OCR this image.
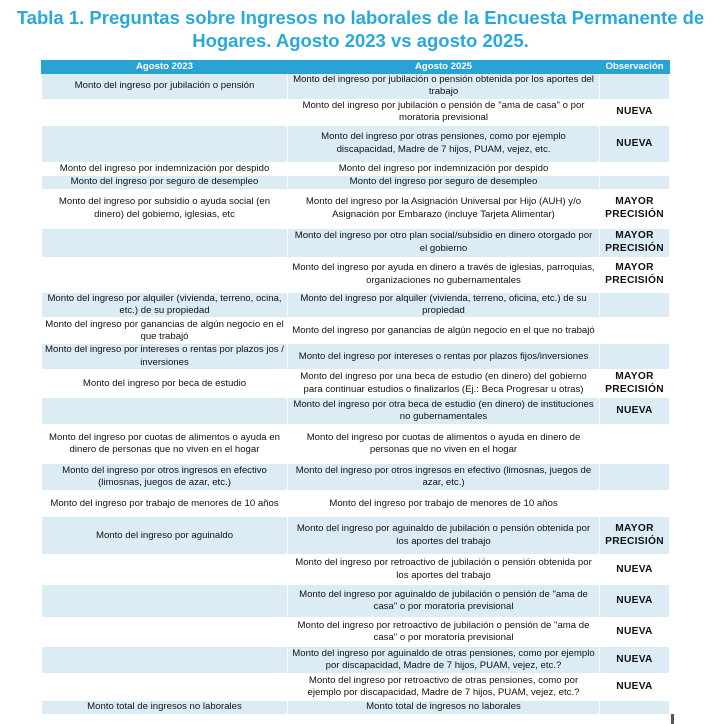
Tabla 1. Preguntas sobre Ingresos no laborales de la Encuesta Permanente de
Hogares. Agosto 2023 vs agosto 2025.
Agosto 2023	Agosto 2025	Observación
Monto del ingreso por jubilación o pensión	Monto del ingreso por jubilación o pensión obtenida por los aportes del trabajo	
	Monto del ingreso por jubilación o pensión de "ama de casa" o por moratoria previsional	NUEVA
	Monto del ingreso por otras pensiones, como por ejemplo discapacidad, Madre de 7 hijos, PUAM, vejez, etc.	NUEVA
Monto del ingreso por indemnización por despido	Monto del ingreso por indemnización por despido	
Monto del ingreso por seguro de desempleo	Monto del ingreso por seguro de desempleo	
Monto del ingreso por subsidio o ayuda social (en dinero) del gobierno, iglesias, etc	Monto del ingreso por la Asignación Universal por Hijo (AUH) y/o Asignación por Embarazo (incluye Tarjeta Alimentar)	MAYOR PRECISIÓN
	Monto del ingreso por otro plan social/subsidio en dinero otorgado por el gobierno	MAYOR PRECISIÓN
	Monto del ingreso por ayuda en dinero a través de iglesias, parroquias, organizaciones no gubernamentales	MAYOR PRECISIÓN
Monto del ingreso por alquiler (vivienda, terreno, ocina, etc.) de su propiedad	Monto del ingreso por alquiler (vivienda, terreno, oficina, etc.) de su propiedad	
Monto del ingreso por ganancias de algún negocio en el que trabajó	Monto del ingreso por ganancias de algún negocio en el que no trabajó	
Monto del ingreso por intereses o rentas por plazos jos / inversiones	Monto del ingreso por intereses o rentas por plazos fijos/inversiones	
Monto del ingreso por beca de estudio	Monto del ingreso por una beca de estudio (en dinero) del gobierno para continuar estudios o finalizarlos (Ej.: Beca Progresar u otras)	MAYOR PRECISIÓN
	Monto del ingreso por otra beca de estudio (en dinero) de instituciones no gubernamentales	NUEVA
Monto del ingreso por cuotas de alimentos o ayuda en dinero de personas que no viven en el hogar	Monto del ingreso por cuotas de alimentos o ayuda en dinero de personas que no viven en el hogar	
Monto del ingreso por otros ingresos en efectivo (limosnas, juegos de azar, etc.)	Monto del ingreso por otros ingresos en efectivo (limosnas, juegos de azar, etc.)	
Monto del ingreso por trabajo de menores de 10 años	Monto del ingreso por trabajo de menores de 10 años	
Monto del ingreso por aguinaldo	Monto del ingreso por aguinaldo de jubilación o pensión obtenida por los aportes del trabajo	MAYOR PRECISIÓN
	Monto del ingreso por retroactivo de jubilación o pensión obtenida por los aportes del trabajo	NUEVA
	Monto del ingreso por aguinaldo de jubilación o pensión de "ama de casa" o por moratoria previsional	NUEVA
	Monto del ingreso por retroactivo de jubilación o pensión de "ama de casa" o por moratoria previsional	NUEVA
	Monto del ingreso por aguinaldo de otras pensiones, como por ejemplo por discapacidad, Madre de 7 hijos, PUAM, vejez, etc.?	NUEVA
	Monto del ingreso por retroactivo de otras pensiones, como por ejemplo por discapacidad, Madre de 7 hijos, PUAM, vejez, etc.?	NUEVA
Monto total de ingresos no laborales	Monto total de ingresos no laborales	
